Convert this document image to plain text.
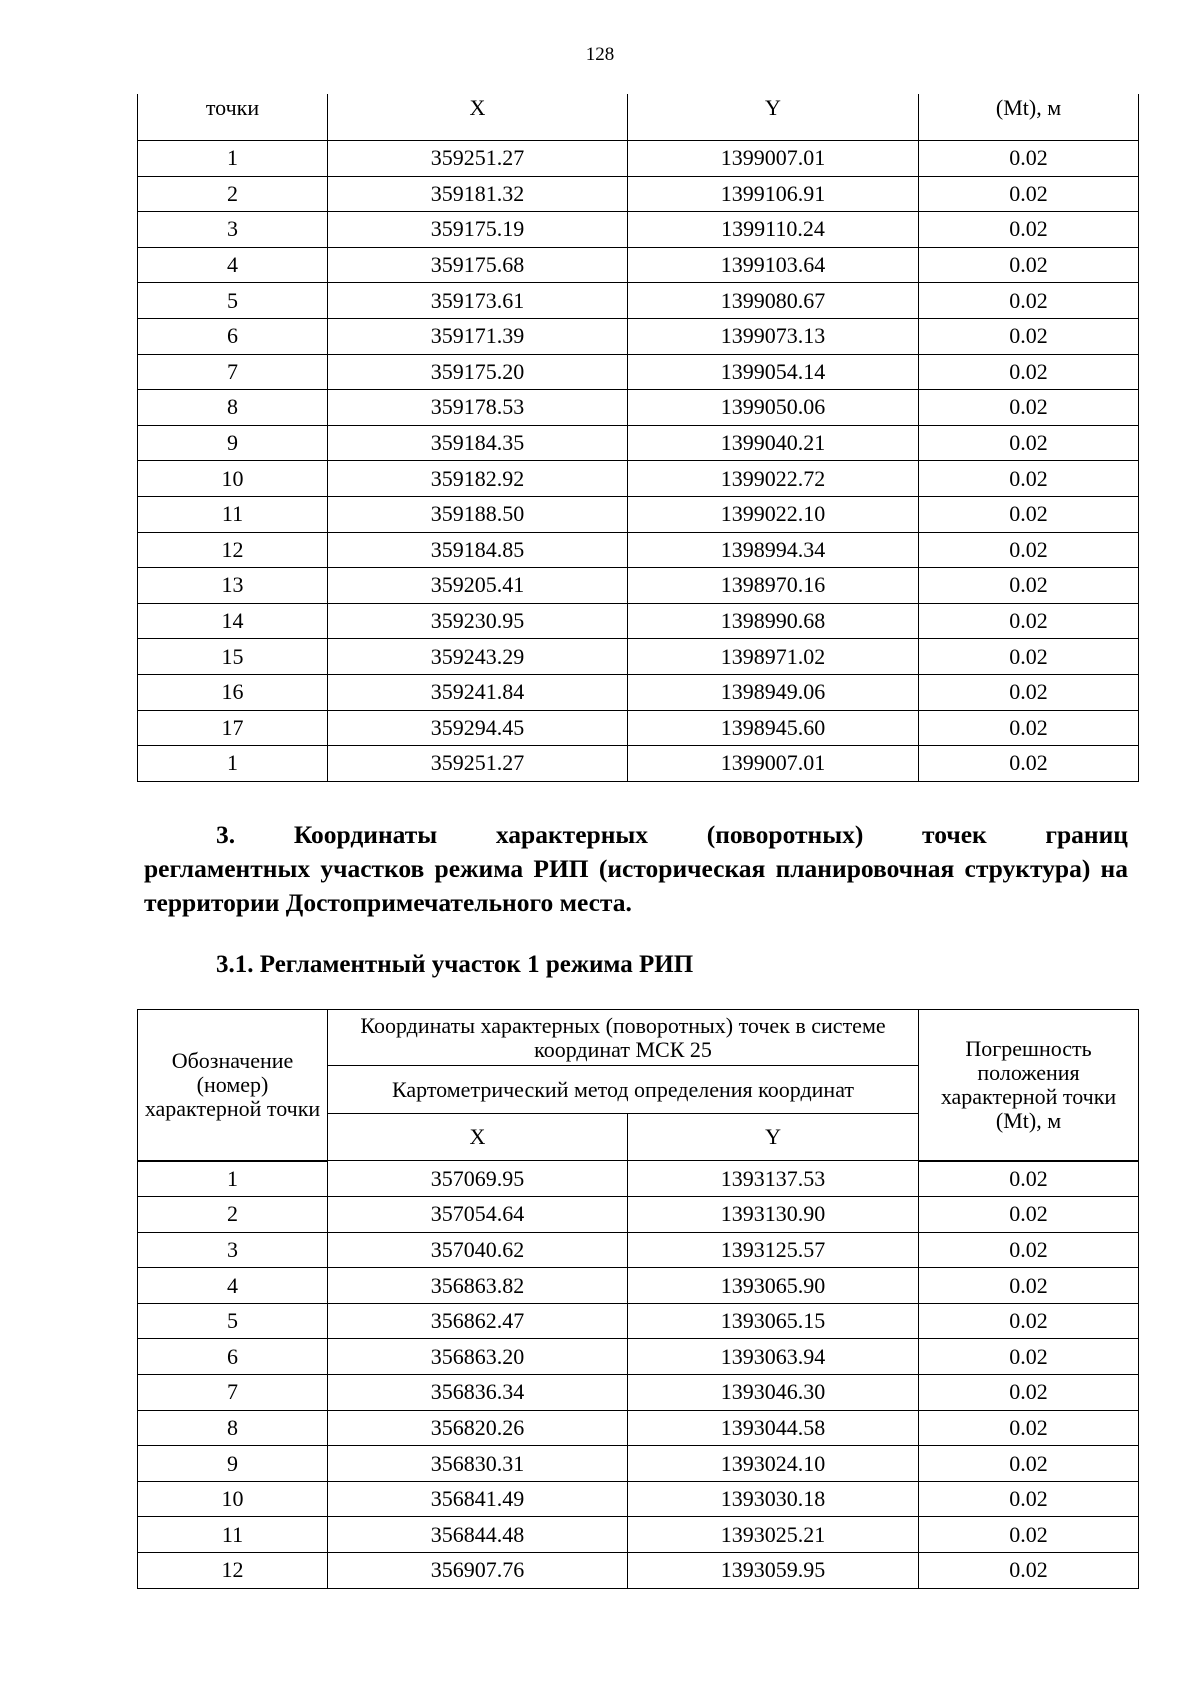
128
точки	X	Y	(Mt), м
1	359251.27	1399007.01	0.02
2	359181.32	1399106.91	0.02
3	359175.19	1399110.24	0.02
4	359175.68	1399103.64	0.02
5	359173.61	1399080.67	0.02
6	359171.39	1399073.13	0.02
7	359175.20	1399054.14	0.02
8	359178.53	1399050.06	0.02
9	359184.35	1399040.21	0.02
10	359182.92	1399022.72	0.02
11	359188.50	1399022.10	0.02
12	359184.85	1398994.34	0.02
13	359205.41	1398970.16	0.02
14	359230.95	1398990.68	0.02
15	359243.29	1398971.02	0.02
16	359241.84	1398949.06	0.02
17	359294.45	1398945.60	0.02
1	359251.27	1399007.01	0.02
3. Координаты характерных (поворотных) точек границ
регламентных участков режима РИП (историческая планировочная структура) на территории Достопримечательного места.
3.1. Регламентный участок 1 режима РИП
Обозначение (номер) характерной точки	Координаты характерных (поворотных) точек в системе координат МСК 25		Погрешность положения характерной точки (Mt), м
	Картометрический метод определения координат		
	X	Y	
1	357069.95	1393137.53	0.02
2	357054.64	1393130.90	0.02
3	357040.62	1393125.57	0.02
4	356863.82	1393065.90	0.02
5	356862.47	1393065.15	0.02
6	356863.20	1393063.94	0.02
7	356836.34	1393046.30	0.02
8	356820.26	1393044.58	0.02
9	356830.31	1393024.10	0.02
10	356841.49	1393030.18	0.02
11	356844.48	1393025.21	0.02
12	356907.76	1393059.95	0.02
